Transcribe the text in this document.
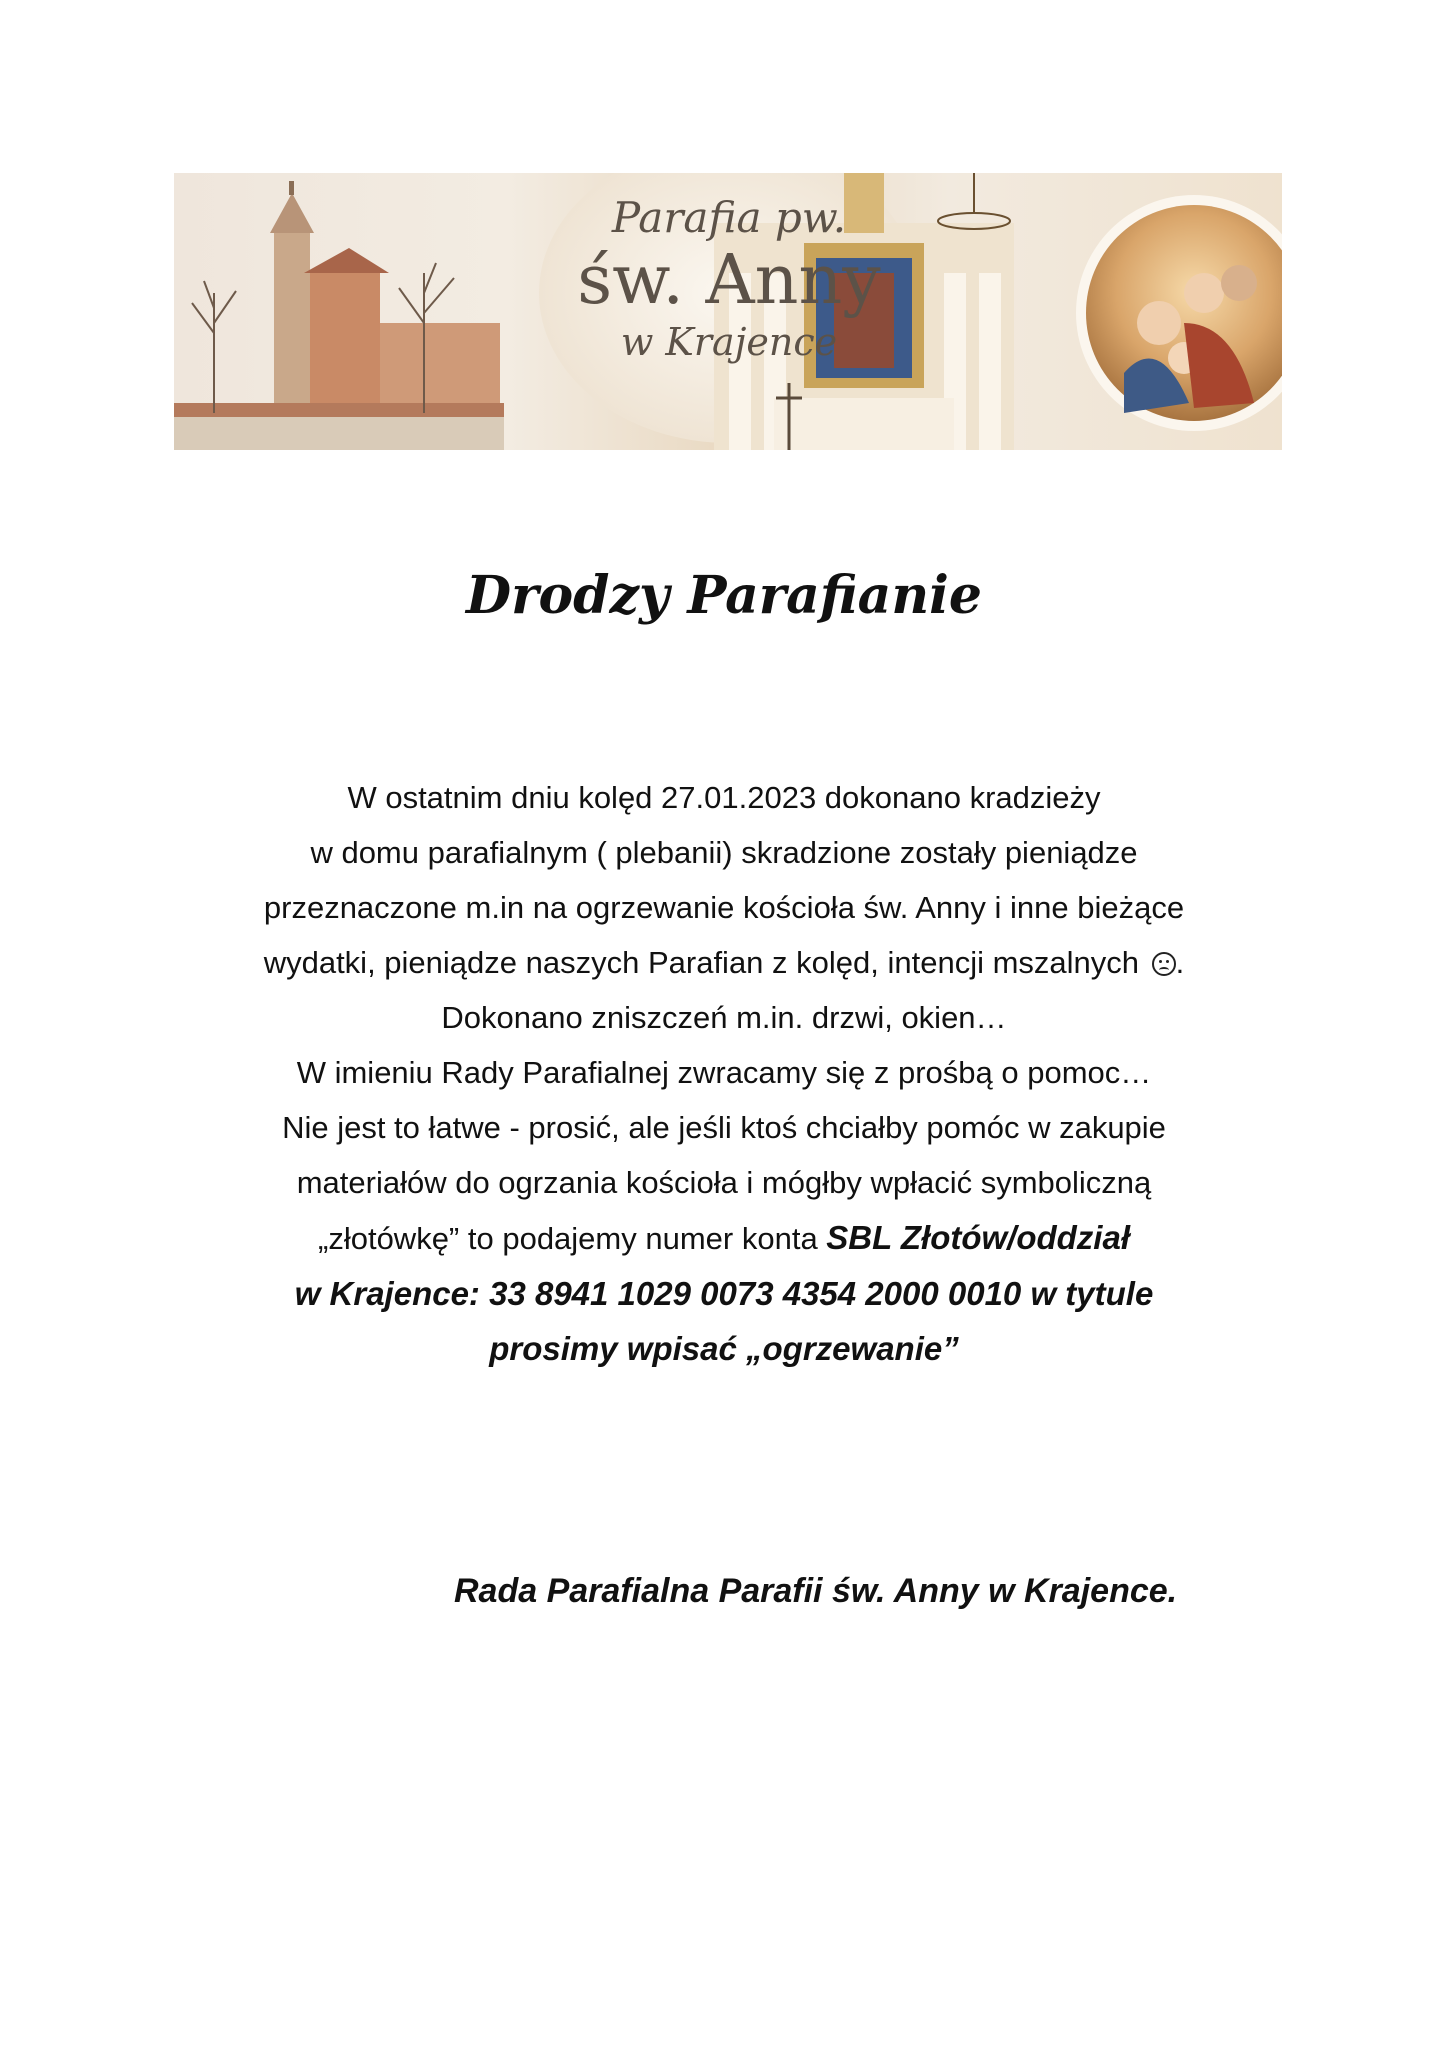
Parafia pw.
św. Anny
w Krajence
Drodzy Parafianie
W ostatnim dniu kolęd 27.01.2023 dokonano kradzieży
w domu parafialnym ( plebanii) skradzione zostały pieniądze
przeznaczone m.in na ogrzewanie kościoła św. Anny i inne bieżące
wydatki, pieniądze naszych Parafian z kolęd, intencji mszalnych .
Dokonano zniszczeń m.in. drzwi, okien…
W imieniu Rady Parafialnej zwracamy się z prośbą o pomoc…
Nie jest to łatwe - prosić, ale jeśli ktoś chciałby pomóc w zakupie
materiałów do ogrzania kościoła i mógłby wpłacić symboliczną
„złotówkę” to podajemy numer konta SBL Złotów/oddział
w Krajence: 33 8941 1029 0073 4354 2000 0010 w tytule
prosimy wpisać „ogrzewanie”
Rada Parafialna Parafii św. Anny w Krajence.
